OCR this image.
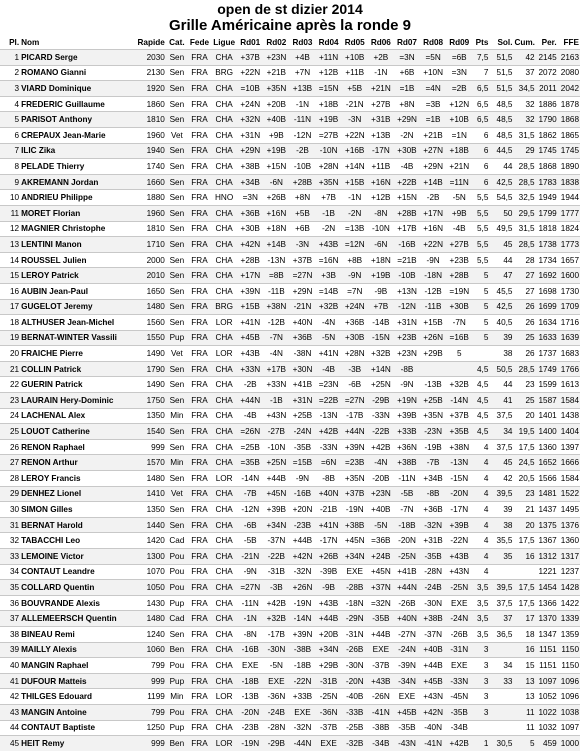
open de st dizier 2014
Grille Américaine après la ronde 9
Pl.	Nom	Rapide	Cat.	Fede	Ligue	Rd01	Rd02	Rd03	Rd04	Rd05	Rd06	Rd07	Rd08	Rd09	Pts	Sol.	Cum.	Per.	FFE
1	PICARD Serge	2030	Sen	FRA	CHA	+37B	+23N	+4B	+11N	+10B	+2B	=3N	=5N	=6B	7,5	51,5	42	2145	2163
2	ROMANO Gianni	2130	Sen	FRA	BRG	+22N	+21B	+7N	+12B	+11B	-1N	+6B	+10N	=3N	7	51,5	37	2072	2080
3	VIARD Dominique	1920	Sen	FRA	CHA	=10B	+35N	+13B	=15N	+5B	+21N	=1B	=4N	=2B	6,5	51,5	34,5	2011	2042
4	FREDERIC Guillaume	1860	Sen	FRA	CHA	+24N	+20B	-1N	+18B	-21N	+27B	+8N	=3B	+12N	6,5	48,5	32	1886	1878
5	PARISOT Anthony	1810	Sen	FRA	CHA	+32N	+40B	-11N	+19B	-3N	+31B	+29N	=1B	+10B	6,5	48,5	32	1790	1868
6	CREPAUX Jean-Marie	1960	Vet	FRA	CHA	+31N	+9B	-12N	=27B	+22N	+13B	-2N	+21B	=1N	6	48,5	31,5	1862	1865
7	ILIC Zika	1940	Sen	FRA	CHA	+29N	+19B	-2B	-10N	+16B	-17N	+30B	+27N	+18B	6	44,5	29	1745	1745
8	PELADE Thierry	1740	Sen	FRA	CHA	+38B	+15N	-10B	+28N	+14N	+11B	-4B	+29N	+21N	6	44	28,5	1868	1890
9	AKREMANN Jordan	1660	Sen	FRA	CHA	+34B	-6N	+28B	+35N	+15B	+16N	+22B	+14B	=11N	6	42,5	28,5	1783	1838
10	ANDRIEU Philippe	1880	Sen	FRA	HNO	=3N	+26B	+8N	+7B	-1N	+12B	+15N	-2B	-5N	5,5	54,5	32,5	1949	1944
11	MORET Florian	1960	Sen	FRA	CHA	+36B	+16N	+5B	-1B	-2N	-8N	+28B	+17N	+9B	5,5	50	29,5	1799	1777
12	MAGNIER Christophe	1810	Sen	FRA	CHA	+30B	+18N	+6B	-2N	=13B	-10N	+17B	+16N	-4B	5,5	49,5	31,5	1818	1824
13	LENTINI Manon	1710	Sen	FRA	CHA	+42N	+14B	-3N	+43B	=12N	-6N	-16B	+22N	+27B	5,5	45	28,5	1738	1773
14	ROUSSEL Julien	2000	Sen	FRA	CHA	+28B	-13N	+37B	=16N	+8B	+18N	=21B	-9N	+23B	5,5	44	28	1734	1657
15	LEROY Patrick	2010	Sen	FRA	CHA	+17N	=8B	=27N	+3B	-9N	+19B	-10B	-18N	+28B	5	47	27	1692	1600
16	AUBIN Jean-Paul	1650	Sen	FRA	CHA	+39N	-11B	+29N	=14B	=7N	-9B	+13N	-12B	=19N	5	45,5	27	1698	1730
17	GUGELOT Jeremy	1480	Sen	FRA	BRG	+15B	+38N	-21N	+32B	+24N	+7B	-12N	-11B	+30B	5	42,5	26	1699	1709
18	ALTHUSER Jean-Michel	1560	Sen	FRA	LOR	+41N	-12B	+40N	-4N	+36B	-14B	+31N	+15B	-7N	5	40,5	26	1634	1716
19	BERNAT-WINTER Vassili	1550	Pup	FRA	CHA	+45B	-7N	+36B	-5N	+30B	-15N	+23B	+26N	=16B	5	39	25	1633	1639
20	FRAICHE Pierre	1490	Vet	FRA	LOR	+43B	-4N	-38N	+41N	+28N	+32B	+23N	+29B	5		38	26	1737	1683
21	COLLIN Patrick	1790	Sen	FRA	CHA	+33N	+17B	+30N	-4B	-3B	+14N	-8B			4,5	50,5	28,5	1749	1766
22	GUERIN Patrick	1490	Sen	FRA	CHA	-2B	+33N	+41B	=23N	-6B	+25N	-9N	-13B	+32B	4,5	44	23	1599	1613
23	LAURAIN Hery-Dominic	1750	Sen	FRA	CHA	+44N	-1B	+31N	=22B	=27N	-29B	+19N	+25B	-14N	4,5	41	25	1587	1584
24	LACHENAL Alex	1350	Min	FRA	CHA	-4B	+43N	+25B	-13N	-17B	-33N	+39B	+35N	+37B	4,5	37,5	20	1401	1438
25	LOUOT Catherine	1540	Sen	FRA	CHA	=26N	-27B	-24N	+42B	+44N	-22B	+33B	-23N	+35B	4,5	34	19,5	1400	1404
26	RENON Raphael	999	Sen	FRA	CHA	=25B	-10N	-35B	-33N	+39N	+42B	+36N	-19B	+38N	4	37,5	17,5	1360	1397
27	RENON Arthur	1570	Min	FRA	CHA	=35B	+25N	=15B	=6N	=23B	-4N	+38B	-7B	-13N	4	45	24,5	1652	1666
28	LEROY Francis	1480	Sen	FRA	LOR	-14N	+44B	-9N	-8B	+35N	-20B	-11N	+34B	-15N	4	42	20,5	1566	1584
29	DENHEZ Lionel	1410	Vet	FRA	CHA	-7B	+45N	-16B	+40N	+37B	+23N	-5B	-8B	-20N	4	39,5	23	1481	1522
30	SIMON Gilles	1350	Sen	FRA	CHA	-12N	+39B	+20N	-21B	-19N	+40B	-7N	+36B	-17N	4	39	21	1437	1495
31	BERNAT Harold	1440	Sen	FRA	CHA	-6B	+34N	-23B	+41N	+38B	-5N	-18B	-32N	+39B	4	38	20	1375	1376
32	TABACCHI Leo	1420	Cad	FRA	CHA	-5B	-37N	+44B	-17N	+45N	=36B	-20N	+31B	-22N	4	35,5	17,5	1367	1360
33	LEMOINE Victor	1300	Pou	FRA	CHA	-21N	-22B	+42N	+26B	+34N	+24B	-25N	-35B	+43B	4	35	16	1312	1317
34	CONTAUT Leandre	1070	Pou	FRA	CHA	-9N	-31B	-32N	-39B	EXE	+45N	+41B	-28N	+43N	4			1221	1237
35	COLLARD Quentin	1050	Pou	FRA	CHA	=27N	-3B	+26N	-9B	-28B	+37N	+44N	-24B	-25N	3,5	39,5	17,5	1454	1428
36	BOUVRANDE Alexis	1430	Pup	FRA	CHA	-11N	+42B	-19N	+43B	-18N	=32N	-26B	-30N	EXE	3,5	37,5	17,5	1366	1422
37	ALLEMEERSCH Quentin	1480	Cad	FRA	CHA	-1N	+32B	-14N	+44B	-29N	-35B	+40N	+38B	-24N	3,5	37	17	1370	1339
38	BINEAU Remi	1240	Sen	FRA	CHA	-8N	-17B	+39N	+20B	-31N	+44B	-27N	-37N	-26B	3,5	36,5	18	1347	1359
39	MAILLY Alexis	1060	Ben	FRA	CHA	-16B	-30N	-38B	+34N	-26B	EXE	-24N	+40B	-31N	3		16	1151	1150
40	MANGIN Raphael	799	Pou	FRA	CHA	EXE	-5N	-18B	+29B	-30N	-37B	-39N	+44B	EXE	3	34	15	1151	1150
41	DUFOUR Matteis	999	Pup	FRA	CHA	-18B	EXE	-22N	-31B	-20N	+43B	-34N	+45B	-33N	3	33	13	1097	1096
42	THILGES Edouard	1199	Min	FRA	LOR	-13B	-36N	+33B	-25N	-40B	-26N	EXE	+43N	-45N	3		13	1052	1096
43	MANGIN Antoine	799	Pou	FRA	CHA	-20N	-24B	EXE	-36N	-33B	-41N	+45B	+42N	-35B	3		11	1022	1038
44	CONTAUT Baptiste	1250	Pup	FRA	CHA	-23B	-28N	-32N	-37B	-25B	-38B	-35B	-40N	-34B			11	1032	1097
45	HEIT Remy	999	Ben	FRA	LOR	-19N	-29B	-44N	EXE	-32B	-34B	-43N	-41N	+42B	1	30,5	5	459	1000
